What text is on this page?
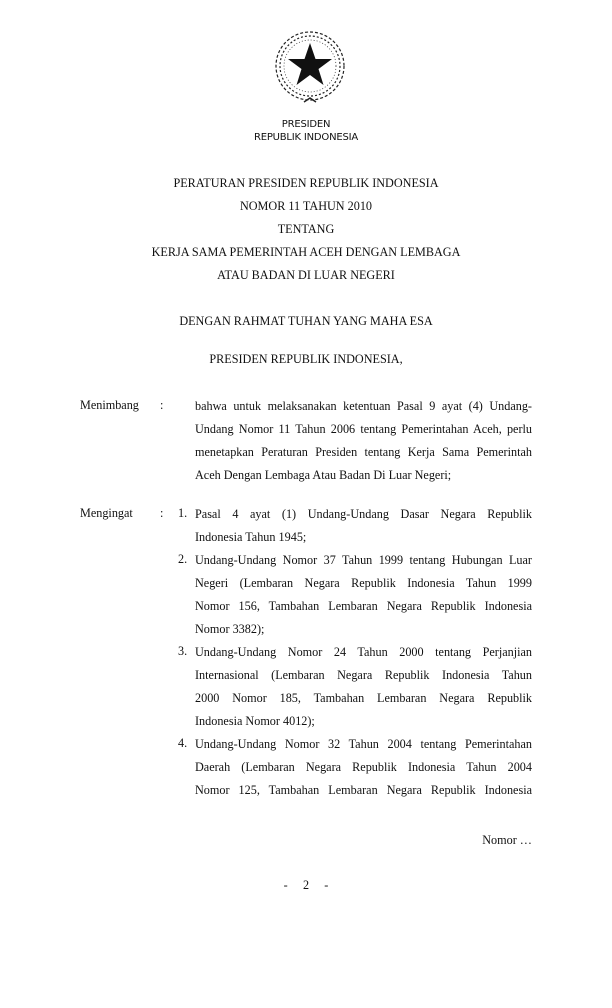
PRESIDEN
REPUBLIK INDONESIA
PERATURAN PRESIDEN REPUBLIK INDONESIA
NOMOR 11 TAHUN 2010
TENTANG
KERJA SAMA PEMERINTAH ACEH DENGAN LEMBAGA
ATAU BADAN DI LUAR NEGERI
DENGAN RAHMAT TUHAN YANG MAHA ESA
PRESIDEN REPUBLIK INDONESIA,
Menimbang :	bahwa untuk melaksanakan ketentuan Pasal 9 ayat (4) Undang-
Undang Nomor 11 Tahun 2006 tentang Pemerintahan Aceh, perlu
menetapkan Peraturan Presiden tentang Kerja Sama Pemerintah
Aceh Dengan Lembaga Atau Badan Di Luar Negeri;
Mengingat : 1. Pasal 4 ayat (1) Undang-Undang Dasar Negara Republik
Indonesia Tahun 1945;
2. Undang-Undang Nomor 37 Tahun 1999 tentang Hubungan Luar
Negeri (Lembaran Negara Republik Indonesia Tahun 1999
Nomor 156, Tambahan Lembaran Negara Republik Indonesia
Nomor 3382);
3. Undang-Undang Nomor 24 Tahun 2000 tentang Perjanjian
Internasional (Lembaran Negara Republik Indonesia Tahun
2000 Nomor 185, Tambahan Lembaran Negara Republik
Indonesia Nomor 4012);
4. Undang-Undang Nomor 32 Tahun 2004 tentang Pemerintahan
Daerah (Lembaran Negara Republik Indonesia Tahun 2004
Nomor 125, Tambahan Lembaran Negara Republik Indonesia
Nomor …
-     2     -
